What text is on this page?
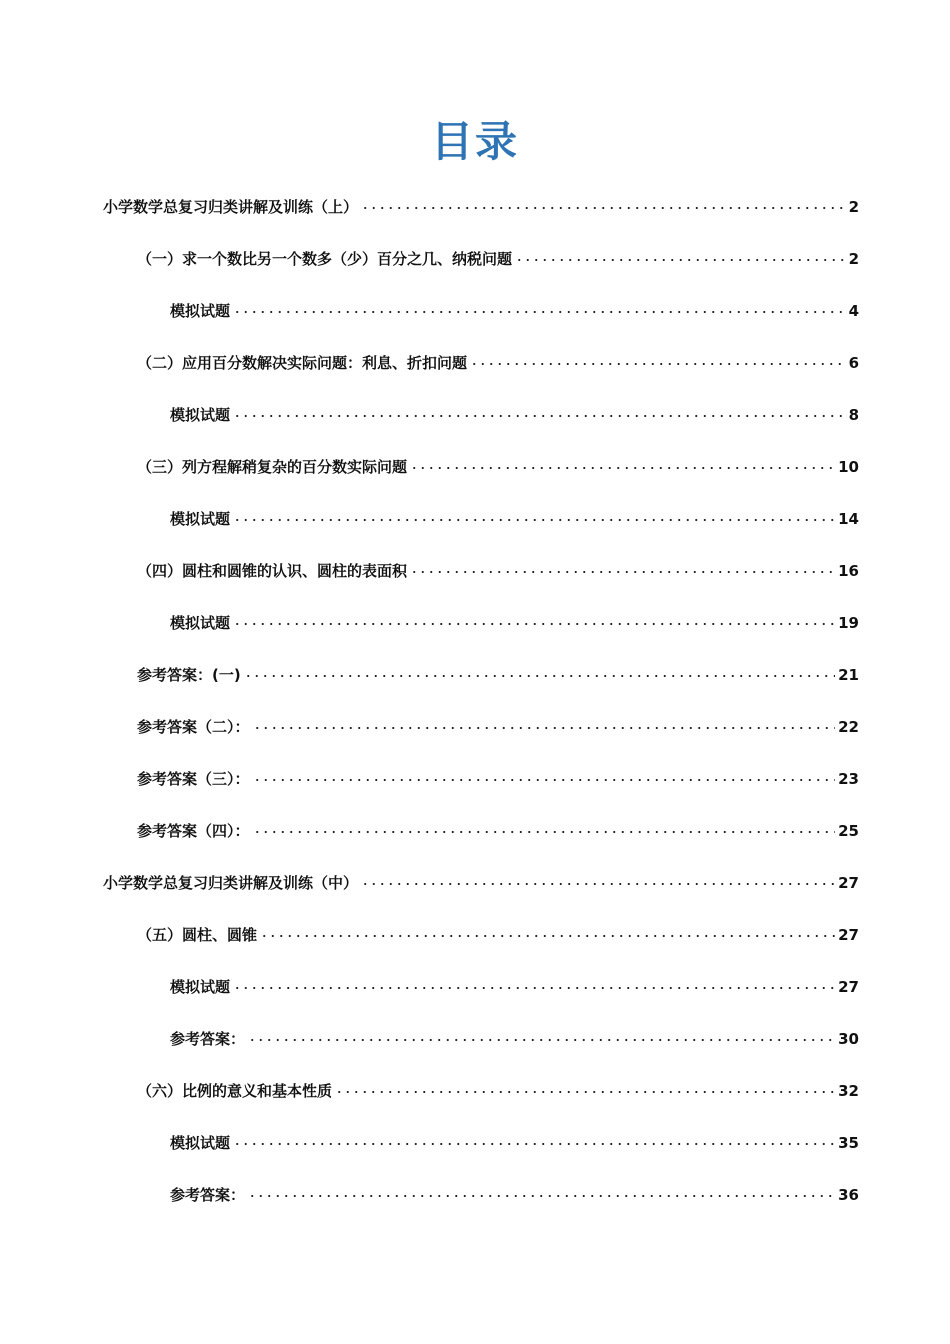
目录
小学数学总复习归类讲解及训练（上）	2
（一）求一个数比另一个数多（少）百分之几、纳税问题	2
模拟试题	4
（二）应用百分数解决实际问题：利息、折扣问题	6
模拟试题	8
（三）列方程解稍复杂的百分数实际问题	10
模拟试题	14
（四）圆柱和圆锥的认识、圆柱的表面积	16
模拟试题	19
参考答案：(一)	21
参考答案（二）：	22
参考答案（三）：	23
参考答案（四）：	25
小学数学总复习归类讲解及训练（中）	27
（五）圆柱、圆锥	27
模拟试题	27
参考答案：	30
（六）比例的意义和基本性质	32
模拟试题	35
参考答案：	36
